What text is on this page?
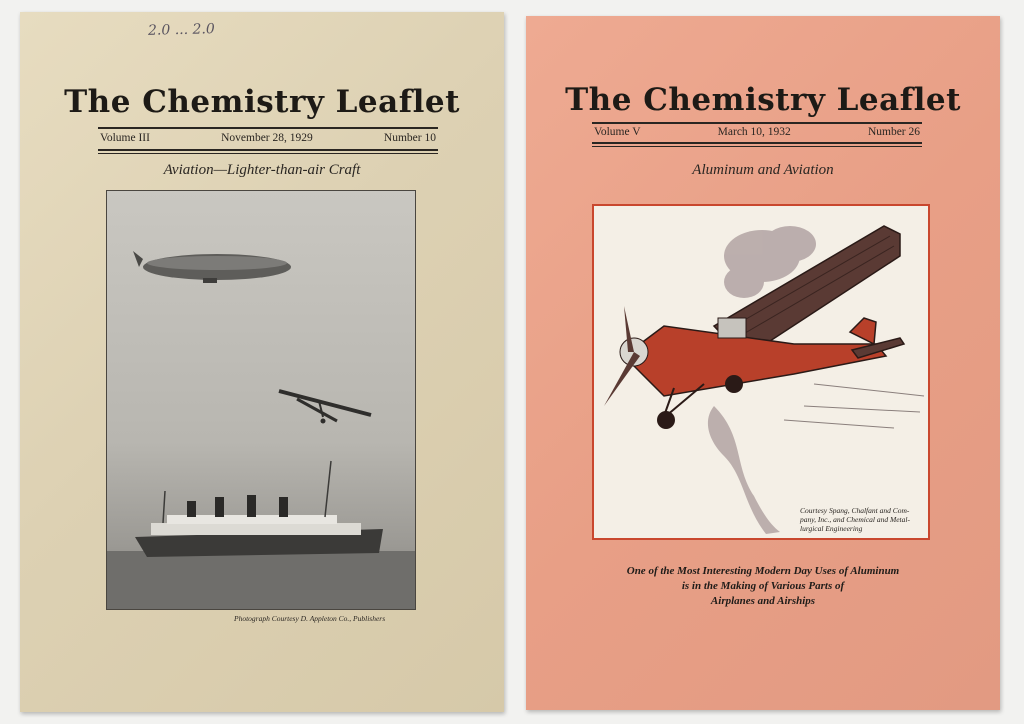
2.0 ... 2.0
The Chemistry Leaflet
Volume III	November 28, 1929	Number 10
Aviation—Lighter-than-air Craft
Photograph Courtesy D. Appleton Co., Publishers
The Chemistry Leaflet
Volume V	March 10, 1932	Number 26
Aluminum and Aviation
Courtesy Spang, Chalfant and Com-
pany, Inc., and Chemical and Metal-
lurgical Engineering
One of the Most Interesting Modern Day Uses of Aluminum
is in the Making of Various Parts of
Airplanes and Airships
